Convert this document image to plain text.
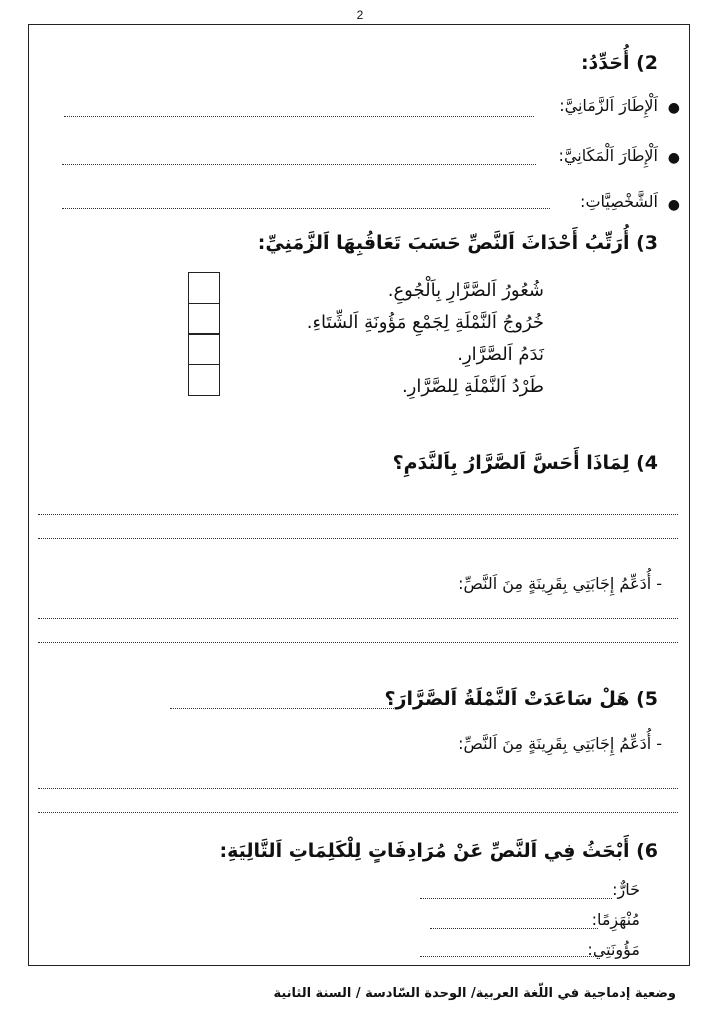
2
2) أُحَدِّدُ:
●
اَلْإِطَارَ اَلزَّمَانِيَّ:
●
اَلْإِطَارَ اَلْمَكَانِيَّ:
●
اَلشَّخْصِيَّاتِ:
3) أُرَتِّبُ أَحْدَاثَ اَلنَّصِّ حَسَبَ تَعَاقُبِهَا اَلزَّمَنِيِّ:
شُعُورُ اَلصَّرَّارِ بِاَلْجُوعِ.
خُرُوجُ اَلنَّمْلَةِ لِجَمْعِ مَؤُونَةِ اَلشِّتَاءِ.
نَدَمُ اَلصَّرَّارِ.
طَرْدُ اَلنَّمْلَةِ لِلصَّرَّارِ.
4) لِمَاذَا أَحَسَّ اَلصَّرَّارُ بِاَلنَّدَمِ؟
- أُدَعِّمُ إِجَابَتِي بِقَرِينَةٍ مِنَ اَلنَّصِّ:
5) هَلْ سَاعَدَتْ اَلنَّمْلَةُ اَلصَّرَّارَ؟
- أُدَعِّمُ إِجَابَتِي بِقَرِينَةٍ مِنَ اَلنَّصِّ:
6) أَبْحَثُ فِي اَلنَّصِّ عَنْ مُرَادِفَاتٍ لِلْكَلِمَاتِ اَلتَّالِيَةِ:
حَارٌّ:
مُنْهَزِمًا:
مَؤُونَتِي:
وضعية إدماجية في اللّغة العربية/ الوحدة السّادسة / السنة الثانية
